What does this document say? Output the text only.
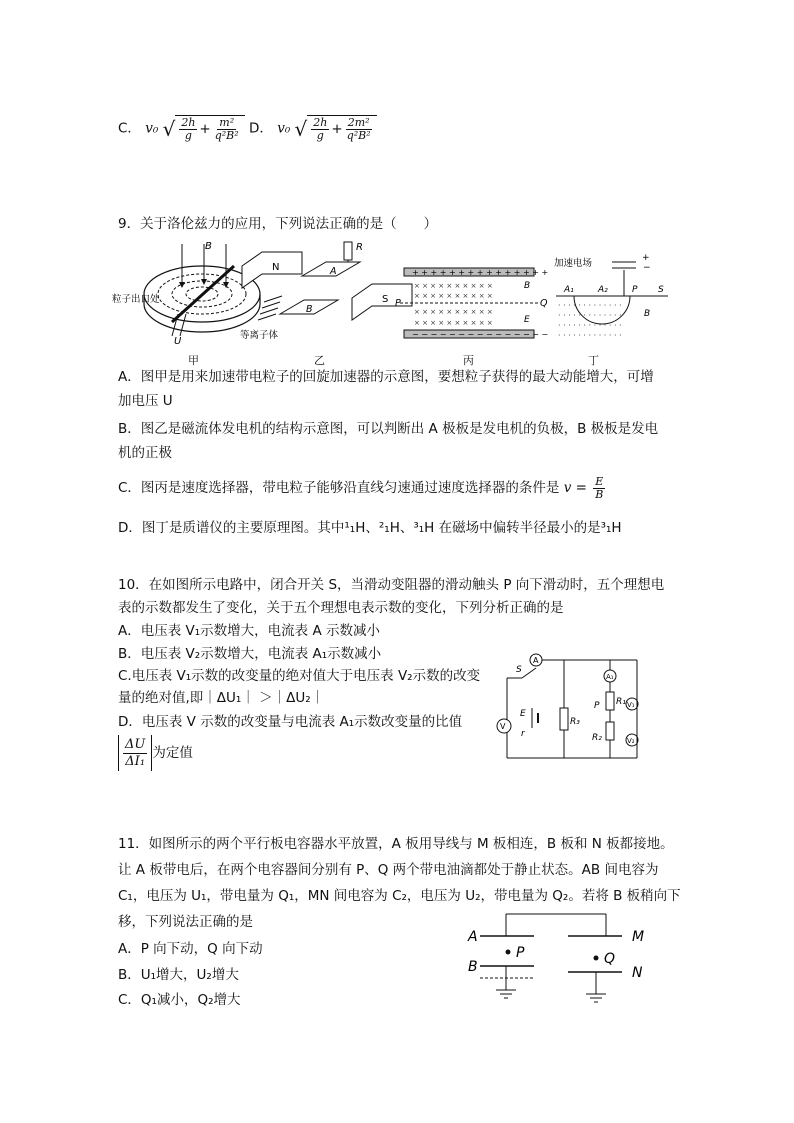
C． v₀ √ $\frac{2h}{g} + \frac{\text{m²}}{\text{q²B²}}$ D． v₀ √ $\frac{2h}{g} + \frac{\text{2m²}}{\text{q²B²}}$
9．关于洛伦兹力的应用，下列说法正确的是（　　）
B
U
粒子出口处
N
S
A
B
R
等离子体
+ + + + + + + + + + + + + + +
− − − − − − − − − − − − − − −
P	Q
× × × × × × × × × ×
× × × × × × × × × ×
× × × × × × × × × ×
× × × × × × × × × ×
B
E
加速电场	+
−
A₁	A₂	P S
· · · · · · · · · · · · ·
· · · · · · · · · · · · ·
· · · · · · · · · · · · ·
· · · · · · · · · · · · ·
B
甲	乙	丙	丁
A．图甲是用来加速带电粒子的回旋加速器的示意图，要想粒子获得的最大动能增大，可增
加电压 U
B．图乙是磁流体发电机的结构示意图，可以判断出 A 极板是发电机的负极，B 极板是发电
机的正极
C．图丙是速度选择器，带电粒子能够沿直线匀速通过速度选择器的条件是 $v = \frac{E}{B}$
D．图丁是质谱仪的主要原理图。其中¹₁H、²₁H、³₁H 在磁场中偏转半径最小的是³₁H
10．在如图所示电路中，闭合开关 S，当滑动变阻器的滑动触头 P 向下滑动时，五个理想电
表的示数都发生了变化，关于五个理想电表示数的变化，下列分析正确的是
A．电压表 V₁示数增大，电流表 A 示数减小
B．电压表 V₂示数增大，电流表 A₁示数减小
C.电压表 V₁示数的改变量的绝对值大于电压表 V₂示数的改变
量的绝对值,即｜ΔU₁｜ ＞｜ΔU₂｜
D．电压表 V 示数的改变量与电流表 A₁示数改变量的比值
$\frac{\Delta U}{\text{ΔI₁}}$ 为定值
A
S
E
r
V	R₃
A₁
R₁
P
R₂
V₁
V₂
11．如图所示的两个平行板电容器水平放置，A 板用导线与 M 板相连，B 板和 N 板都接地。
让 A 板带电后，在两个电容器间分别有 P、Q 两个带电油滴都处于静止状态。AB 间电容为
C₁，电压为 U₁，带电量为 Q₁，MN 间电容为 C₂，电压为 U₂，带电量为 Q₂。若将 B 板稍向下
移，下列说法正确的是
A．P 向下动，Q 向下动
B．U₁增大，U₂增大
C．Q₁减小，Q₂增大
A	M
P	Q
B	N
